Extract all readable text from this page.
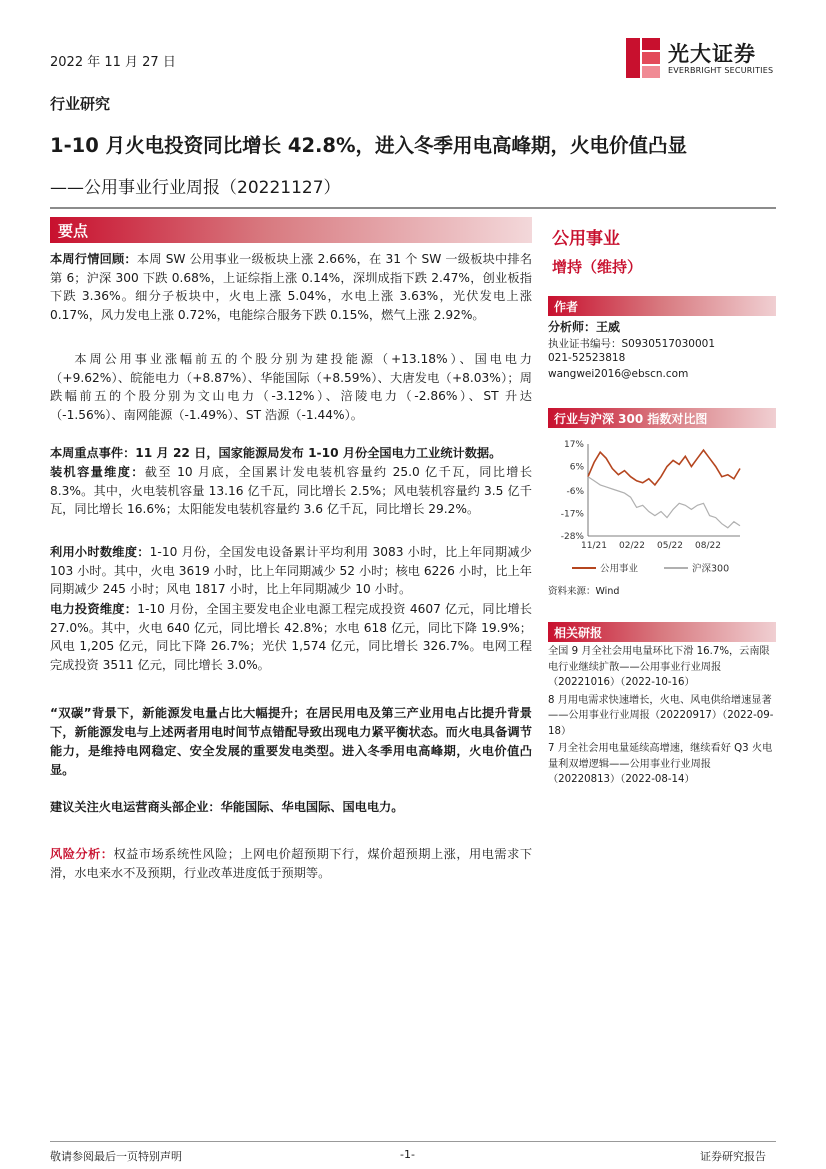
2022 年 11 月 27 日	光大证券
EVERBRIGHT SECURITIES
行业研究
1-10 月火电投资同比增长 42.8%，进入冬季用电高峰期，火电价值凸显
——公用事业行业周报（20221127）
要点
本周行情回顾：本周 SW 公用事业一级板块上涨 2.66%，在 31 个 SW 一级板块中排名第 6；沪深 300 下跌 0.68%，上证综指上涨 0.14%，深圳成指下跌 2.47%，创业板指下跌 3.36%。细分子板块中，火电上涨 5.04%，水电上涨 3.63%，光伏发电上涨 0.17%，风力发电上涨 0.72%，电能综合服务下跌 0.15%，燃气上涨 2.92%。
本周公用事业涨幅前五的个股分别为建投能源（+13.18%）、国电电力（+9.62%）、皖能电力（+8.87%）、华能国际（+8.59%）、大唐发电（+8.03%）；周跌幅前五的个股分别为文山电力（-3.12%）、涪陵电力（-2.86%）、ST 升达（-1.56%）、南网能源（-1.49%）、ST 浩源（-1.44%）。
本周重点事件：11 月 22 日，国家能源局发布 1-10 月份全国电力工业统计数据。
装机容量维度：截至 10 月底，全国累计发电装机容量约 25.0 亿千瓦，同比增长 8.3%。其中，火电装机容量 13.16 亿千瓦，同比增长 2.5%；风电装机容量约 3.5 亿千瓦，同比增长 16.6%；太阳能发电装机容量约 3.6 亿千瓦，同比增长 29.2%。
利用小时数维度：1-10 月份，全国发电设备累计平均利用 3083 小时，比上年同期减少 103 小时。其中，火电 3619 小时，比上年同期减少 52 小时；核电 6226 小时，比上年同期减少 245 小时；风电 1817 小时，比上年同期减少 10 小时。
电力投资维度：1-10 月份，全国主要发电企业电源工程完成投资 4607 亿元，同比增长 27.0%。其中，火电 640 亿元，同比增长 42.8%；水电 618 亿元，同比下降 19.9%；风电 1,205 亿元，同比下降 26.7%；光伏 1,574 亿元，同比增长 326.7%。电网工程完成投资 3511 亿元，同比增长 3.0%。
“双碳”背景下，新能源发电量占比大幅提升；在居民用电及第三产业用电占比提升背景下，新能源发电与上述两者用电时间节点错配导致出现电力紧平衡状态。而火电具备调节能力，是维持电网稳定、安全发展的重要发电类型。进入冬季用电高峰期，火电价值凸显。
建议关注火电运营商头部企业：华能国际、华电国际、国电电力。
风险分析：权益市场系统性风险；上网电价超预期下行，煤价超预期上涨，用电需求下滑，水电来水不及预期，行业改革进度低于预期等。
公用事业
增持（维持）
作者
分析师：王威
执业证书编号：S0930517030001
021-52523818
wangwei2016@ebscn.com
行业与沪深 300 指数对比图
17%
6%
-6%
-17%
-28%
11/21 02/22 05/22 08/22
公用事业	沪深300
资料来源：Wind
相关研报
全国 9 月全社会用电量环比下滑 16.7%，云南限电行业继续扩散——公用事业行业周报（20221016）（2022-10-16）
8 月用电需求快速增长，火电、风电供给增速显著——公用事业行业周报（20220917）（2022-09-18）
7 月全社会用电量延续高增速，继续看好 Q3 火电量利双增逻辑——公用事业行业周报（20220813）（2022-08-14）
敬请参阅最后一页特别声明	-1-	证券研究报告
